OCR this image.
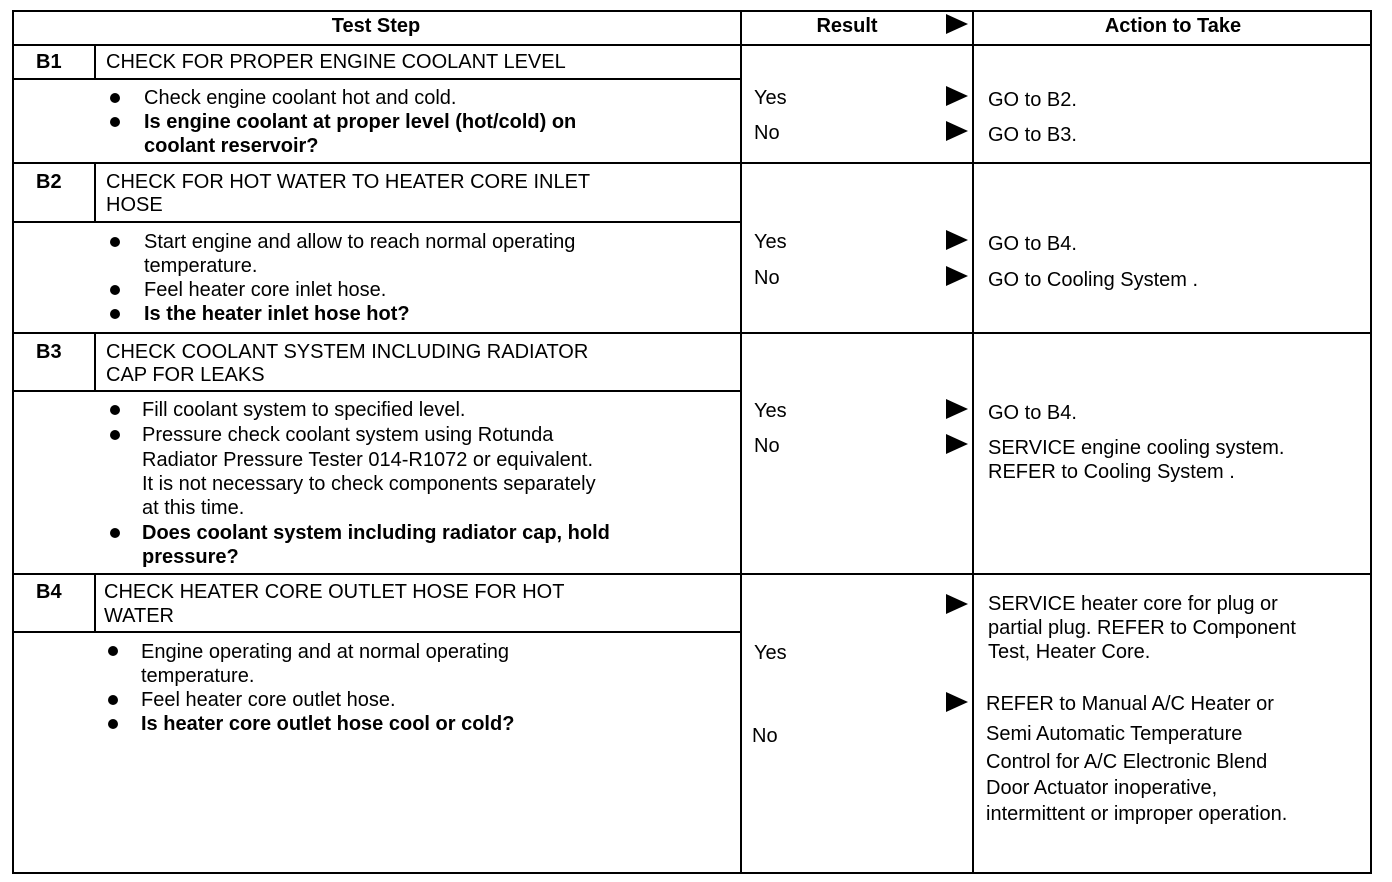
Test Step	Result	Action to Take
B1 CHECK FOR PROPER ENGINE COOLANT LEVEL
Check engine coolant hot and cold.
Is engine coolant at proper level (hot/cold) on
coolant reservoir?
Yes
No
GO to B2.
GO to B3.
B2 CHECK FOR HOT WATER TO HEATER CORE INLET
HOSE
Start engine and allow to reach normal operating
temperature.
Feel heater core inlet hose.
Is the heater inlet hose hot?
Yes
No
GO to B4.
GO to Cooling System .
B3 CHECK COOLANT SYSTEM INCLUDING RADIATOR
CAP FOR LEAKS
Fill coolant system to specified level.
Pressure check coolant system using Rotunda
Radiator Pressure Tester 014-R1072 or equivalent.
It is not necessary to check components separately
at this time.
Does coolant system including radiator cap, hold
pressure?
Yes
No
GO to B4.
SERVICE engine cooling system.
REFER to Cooling System .
B4 CHECK HEATER CORE OUTLET HOSE FOR HOT
WATER
Engine operating and at normal operating
temperature.
Feel heater core outlet hose.
Is heater core outlet hose cool or cold?
Yes
No
SERVICE heater core for plug or
partial plug. REFER to Component
Test, Heater Core.
REFER to Manual A/C Heater or
Semi Automatic Temperature
Control for A/C Electronic Blend
Door Actuator inoperative,
intermittent or improper operation.
